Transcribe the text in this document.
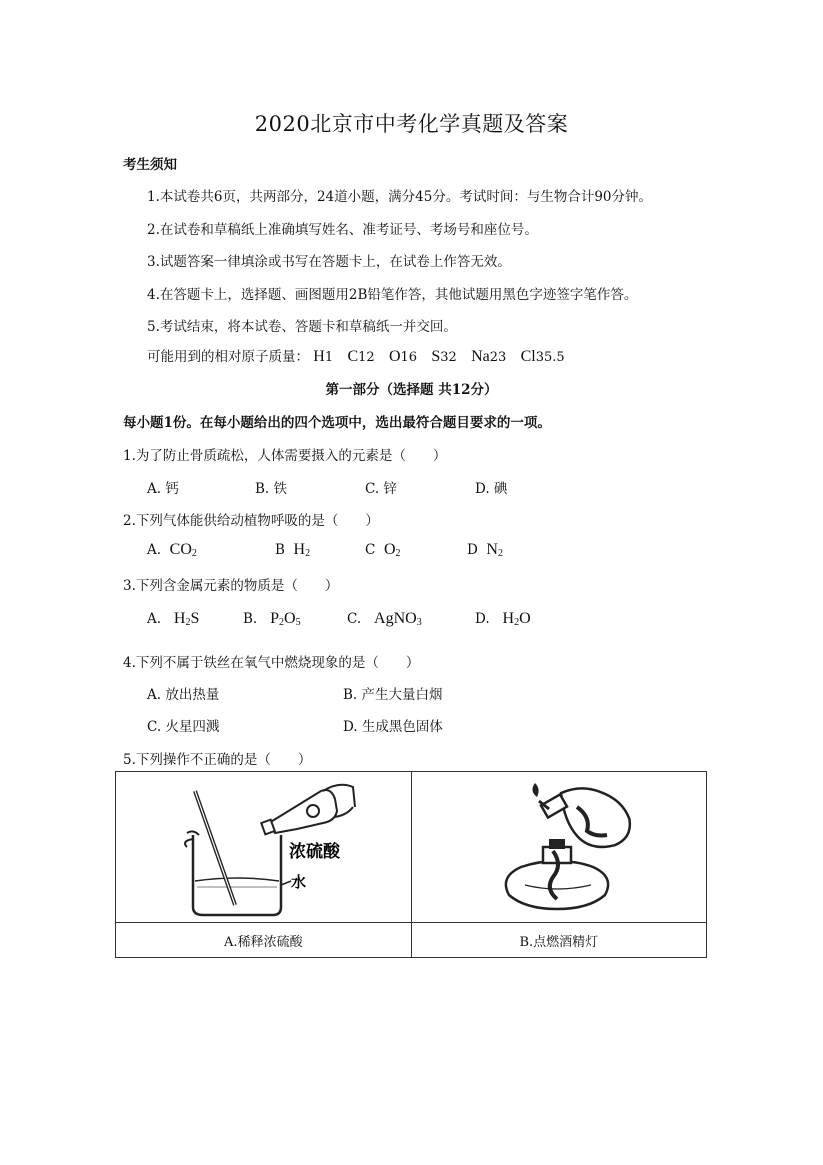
2020北京市中考化学真题及答案
考生须知
1.本试卷共6页，共两部分，24道小题，满分45分。考试时间：与生物合计90分钟。
2.在试卷和草稿纸上准确填写姓名、准考证号、考场号和座位号。
3.试题答案一律填涂或书写在答题卡上，在试卷上作答无效。
4.在答题卡上，选择题、画图题用2B铅笔作答，其他试题用黑色字迹签字笔作答。
5.考试结束，将本试卷、答题卡和草稿纸一并交回。
可能用到的相对原子质量： H1 C12 O16 S32 Na23 Cl35.5
第一部分（选择题 共12分）
每小题1份。在每小题给出的四个选项中，选出最符合题目要求的一项。
1.为了防止骨质疏松，人体需要摄入的元素是（　　）
A. 钙	B. 铁	C. 锌	D. 碘
2.下列气体能供给动植物呼吸的是（　　）
A. $CO_2$	B $H_2$	C $O_2$	D $N_2$
3.下列含金属元素的物质是（　　）
A. $H_2S$	B. $P_2O_5$	C. AgNO$_3$	D. $H_2O$
4.下列不属于铁丝在氧气中燃烧现象的是（　　）
A. 放出热量	B. 产生大量白烟
C. 火星四溅	D. 生成黑色固体
5.下列操作不正确的是（　　）
浓硫酸
水

A.稀释浓硫酸	B.点燃酒精灯
